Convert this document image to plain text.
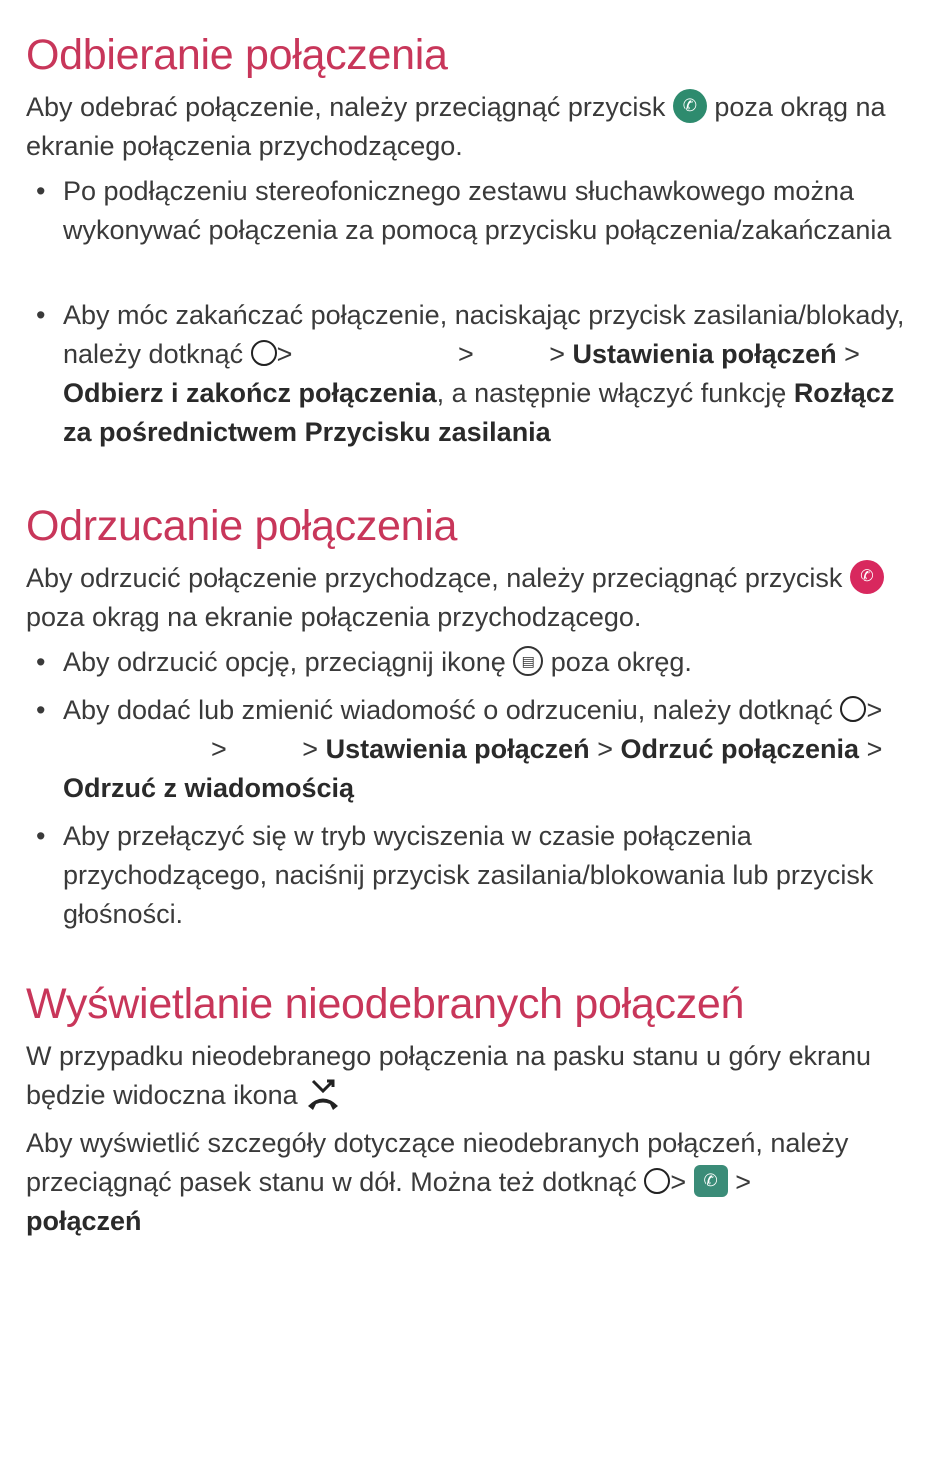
Odbieranie połączenia

Aby odebrać połączenie, należy przeciągnąć przycisk ✆ poza okrąg na
ekranie połączenia przychodzącego.

• Po podłączeniu stereofonicznego zestawu słuchawkowego można
wykonywać połączenia za pomocą przycisku połączenia/zakańczania
• Aby móc zakańczać połączenie, naciskając przycisk zasilania/blokady,
należy dotknąć >	>	> Ustawienia połączeń >
Odbierz i zakończ połączenia, a następnie włączyć funkcję Rozłącz
za pośrednictwem Przycisku zasilania
Odrzucanie połączenia

Aby odrzucić połączenie przychodzące, należy przeciągnąć przycisk ✆
poza okrąg na ekranie połączenia przychodzącego.

• Aby odrzucić opcję, przeciągnij ikonę ▤ poza okręg.
• Aby dodać lub zmienić wiadomość o odrzuceniu, należy dotknąć >
>	> Ustawienia połączeń > Odrzuć połączenia >
Odrzuć z wiadomością
• Aby przełączyć się w tryb wyciszenia w czasie połączenia
przychodzącego, naciśnij przycisk zasilania/blokowania lub przycisk
głośności.
Wyświetlanie nieodebranych połączeń

W przypadku nieodebranego połączenia na pasku stanu u góry ekranu
będzie widoczna ikona

Aby wyświetlić szczegóły dotyczące nieodebranych połączeń, należy
przeciągnąć pasek stanu w dół. Można też dotknąć > ✆ >
połączeń
